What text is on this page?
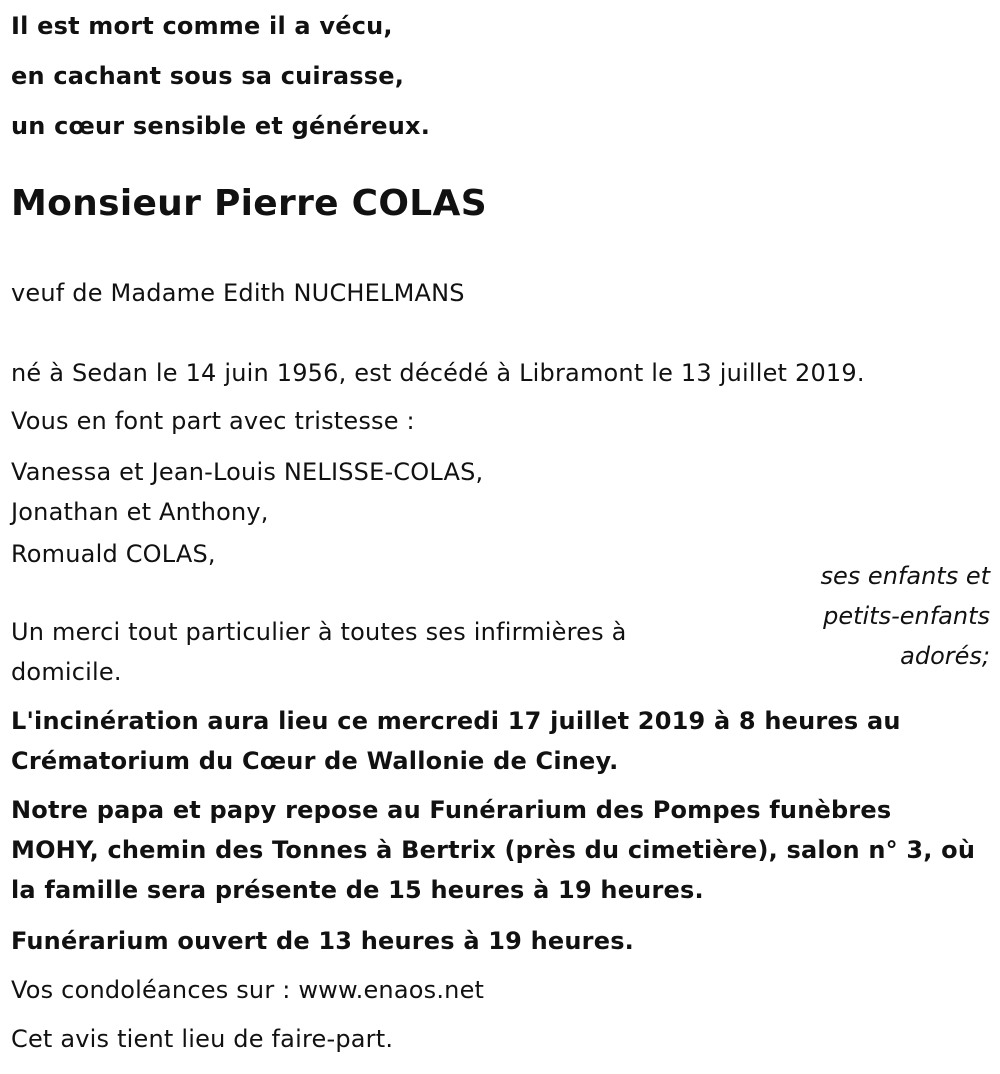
Il est mort comme il a vécu,
en cachant sous sa cuirasse,
un cœur sensible et généreux.
Monsieur Pierre COLAS
veuf de Madame Edith NUCHELMANS
né à Sedan le 14 juin 1956, est décédé à Libramont le 13 juillet 2019.
Vous en font part avec tristesse :
Vanessa et Jean-Louis NELISSE-COLAS,
Jonathan et Anthony,
Romuald COLAS,
ses enfants et
petits-enfants
adorés;
Un merci tout particulier à toutes ses infirmières à
domicile.
L'incinération aura lieu ce mercredi 17 juillet 2019 à 8 heures au
Crématorium du Cœur de Wallonie de Ciney.
Notre papa et papy repose au Funérarium des Pompes funèbres
MOHY, chemin des Tonnes à Bertrix (près du cimetière), salon n° 3, où
la famille sera présente de 15 heures à 19 heures.
Funérarium ouvert de 13 heures à 19 heures.
Vos condoléances sur : www.enaos.net
Cet avis tient lieu de faire-part.
